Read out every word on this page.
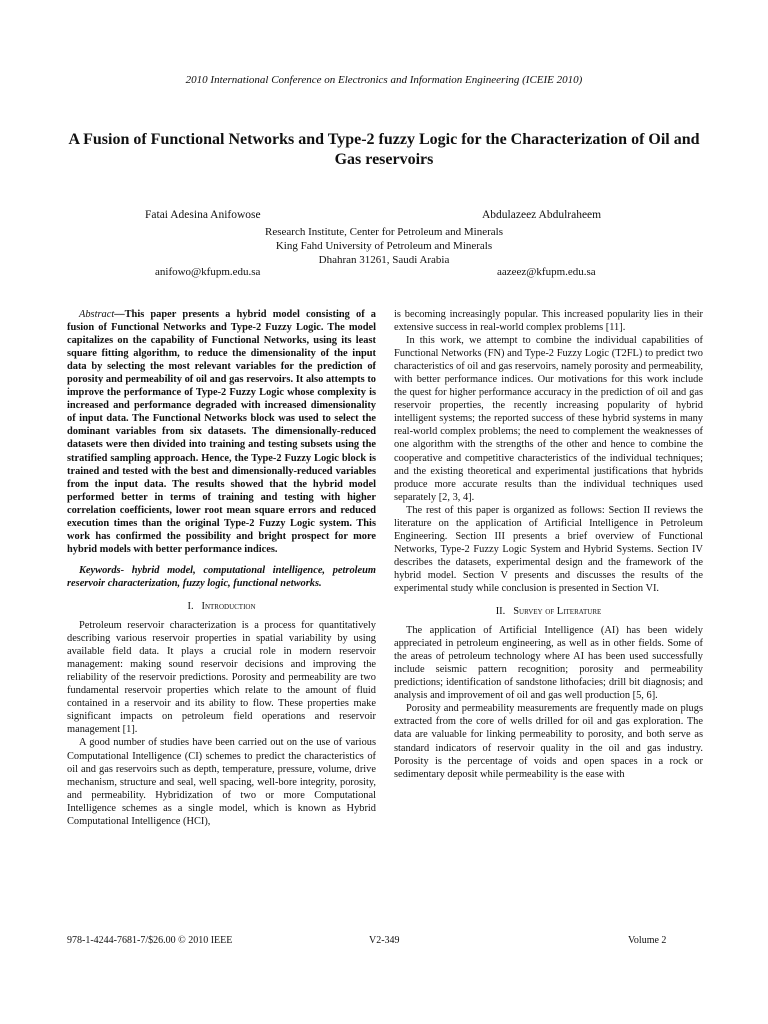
2010 International Conference on Electronics and Information Engineering (ICEIE 2010)
A Fusion of Functional Networks and Type-2 fuzzy Logic for the Characterization of Oil and Gas reservoirs
Fatai Adesina Anifowose	Abdulazeez Abdulraheem
Research Institute, Center for Petroleum and Minerals
King Fahd University of Petroleum and Minerals
Dhahran 31261, Saudi Arabia
anifowo@kfupm.edu.sa	aazeez@kfupm.edu.sa

Abstract—This paper presents a hybrid model consisting of a fusion of Functional Networks and Type-2 Fuzzy Logic. The model capitalizes on the capability of Functional Networks, using its least square fitting algorithm, to reduce the dimensionality of the input data by selecting the most relevant variables for the prediction of porosity and permeability of oil and gas reservoirs. It also attempts to improve the performance of Type-2 Fuzzy Logic whose complexity is increased and performance degraded with increased dimensionality of input data. The Functional Networks block was used to select the dominant variables from six datasets. The dimensionally-reduced datasets were then divided into training and testing subsets using the stratified sampling approach. Hence, the Type-2 Fuzzy Logic block is trained and tested with the best and dimensionally-reduced variables from the input data. The results showed that the hybrid model performed better in terms of training and testing with higher correlation coefficients, lower root mean square errors and reduced execution times than the original Type-2 Fuzzy Logic system. This work has confirmed the possibility and bright prospect for more hybrid models with better performance indices.

Keywords- hybrid model, computational intelligence, petroleum reservoir characterization, fuzzy logic, functional networks.

I. Introduction

Petroleum reservoir characterization is a process for quantitatively describing various reservoir properties in spatial variability by using available field data. It plays a crucial role in modern reservoir management: making sound reservoir decisions and improving the reliability of the reservoir predictions. Porosity and permeability are two fundamental reservoir properties which relate to the amount of fluid contained in a reservoir and its ability to flow. These properties make significant impacts on petroleum field operations and reservoir management [1].

A good number of studies have been carried out on the use of various Computational Intelligence (CI) schemes to predict the characteristics of oil and gas reservoirs such as depth, temperature, pressure, volume, drive mechanism, structure and seal, well spacing, well-bore integrity, porosity, and permeability. Hybridization of two or more Computational Intelligence schemes as a single model, which is known as Hybrid Computational Intelligence (HCI),

is becoming increasingly popular. This increased popularity lies in their extensive success in real-world complex problems [11].

In this work, we attempt to combine the individual capabilities of Functional Networks (FN) and Type-2 Fuzzy Logic (T2FL) to predict two characteristics of oil and gas reservoirs, namely porosity and permeability, with better performance indices. Our motivations for this work include the quest for higher performance accuracy in the prediction of oil and gas reservoir properties, the recently increasing popularity of hybrid intelligent systems; the reported success of these hybrid systems in many real-world complex problems; the need to complement the weaknesses of one algorithm with the strengths of the other and hence to combine the cooperative and competitive characteristics of the individual techniques; and the existing theoretical and experimental justifications that hybrids produce more accurate results than the individual techniques used separately [2, 3, 4].

The rest of this paper is organized as follows: Section II reviews the literature on the application of Artificial Intelligence in Petroleum Engineering. Section III presents a brief overview of Functional Networks, Type-2 Fuzzy Logic System and Hybrid Systems. Section IV describes the datasets, experimental design and the framework of the hybrid model. Section V presents and discusses the results of the experimental study while conclusion is presented in Section VI.

II. Survey of Literature

The application of Artificial Intelligence (AI) has been widely appreciated in petroleum engineering, as well as in other fields. Some of the areas of petroleum technology where AI has been used successfully include seismic pattern recognition; porosity and permeability predictions; identification of sandstone lithofacies; drill bit diagnosis; and analysis and improvement of oil and gas well production [5, 6].

Porosity and permeability measurements are frequently made on plugs extracted from the core of wells drilled for oil and gas exploration. The data are valuable for linking permeability to porosity, and both serve as standard indicators of reservoir quality in the oil and gas industry. Porosity is the percentage of voids and open spaces in a rock or sedimentary deposit while permeability is the ease with

978-1-4244-7681-7/$26.00 © 2010 IEEE	V2-349	Volume 2
